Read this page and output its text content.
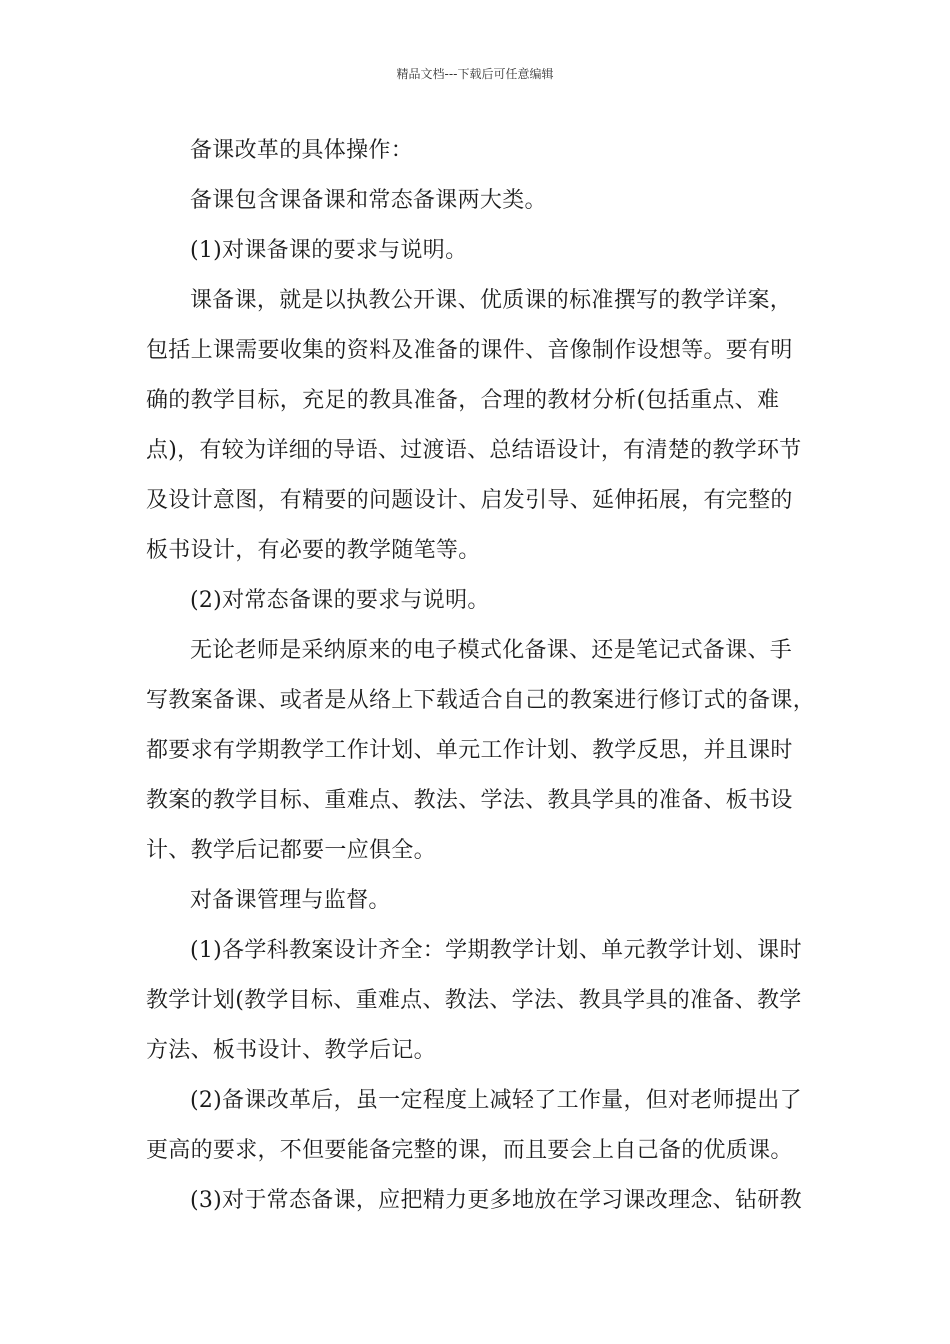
精品文档---下载后可任意编辑
备课改革的具体操作：
备课包含课备课和常态备课两大类。
(1)对课备课的要求与说明。
课备课，就是以执教公开课、优质课的标准撰写的教学详案，
包括上课需要收集的资料及准备的课件、音像制作设想等。要有明
确的教学目标，充足的教具准备，合理的教材分析(包括重点、难
点)，有较为详细的导语、过渡语、总结语设计，有清楚的教学环节
及设计意图，有精要的问题设计、启发引导、延伸拓展，有完整的
板书设计，有必要的教学随笔等。
(2)对常态备课的要求与说明。
无论老师是采纳原来的电子模式化备课、还是笔记式备课、手
写教案备课、或者是从络上下载适合自己的教案进行修订式的备课，
都要求有学期教学工作计划、单元工作计划、教学反思，并且课时
教案的教学目标、重难点、教法、学法、教具学具的准备、板书设
计、教学后记都要一应俱全。
对备课管理与监督。
(1)各学科教案设计齐全：学期教学计划、单元教学计划、课时
教学计划(教学目标、重难点、教法、学法、教具学具的准备、教学
方法、板书设计、教学后记。
(2)备课改革后，虽一定程度上减轻了工作量，但对老师提出了
更高的要求，不但要能备完整的课，而且要会上自己备的优质课。
(3)对于常态备课，应把精力更多地放在学习课改理念、钻研教
